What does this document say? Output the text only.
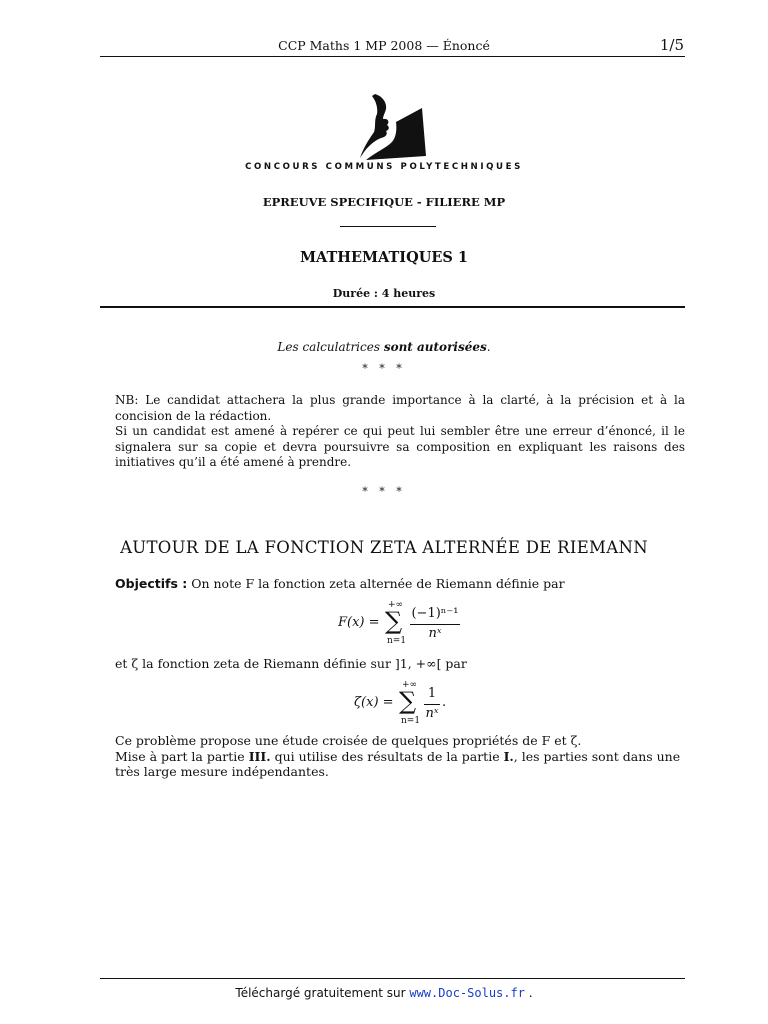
CCP Maths 1 MP 2008 — Énoncé	1/5
CONCOURS COMMUNS POLYTECHNIQUES
EPREUVE SPECIFIQUE - FILIERE MP
MATHEMATIQUES 1
Durée : 4 heures
Les calculatrices sont autorisées.
* * *

NB: Le candidat attachera la plus grande importance à la clarté, à la précision et à la concision de la rédaction.

Si un candidat est amené à repérer ce qui peut lui sembler être une erreur d’énoncé, il le signalera sur sa copie et devra poursuivre sa composition en expliquant les raisons des initiatives qu’il a été amené à prendre.

* * *
AUTOUR DE LA FONCTION ZETA ALTERNÉE DE RIEMANN
Objectifs : On note F la fonction zeta alternée de Riemann définie par
F(x) =
+∞
∑
n=1
(−1)ⁿ⁻¹
nˣ
et ζ la fonction zeta de Riemann définie sur ]1, +∞[ par
ζ(x) =
+∞
∑
n=1
1
nˣ
.

Ce problème propose une étude croisée de quelques propriétés de F et ζ.

Mise à part la partie III. qui utilise des résultats de la partie I., les parties sont dans une très large mesure indépendantes.

Téléchargé gratuitement sur www.Doc-Solus.fr .
